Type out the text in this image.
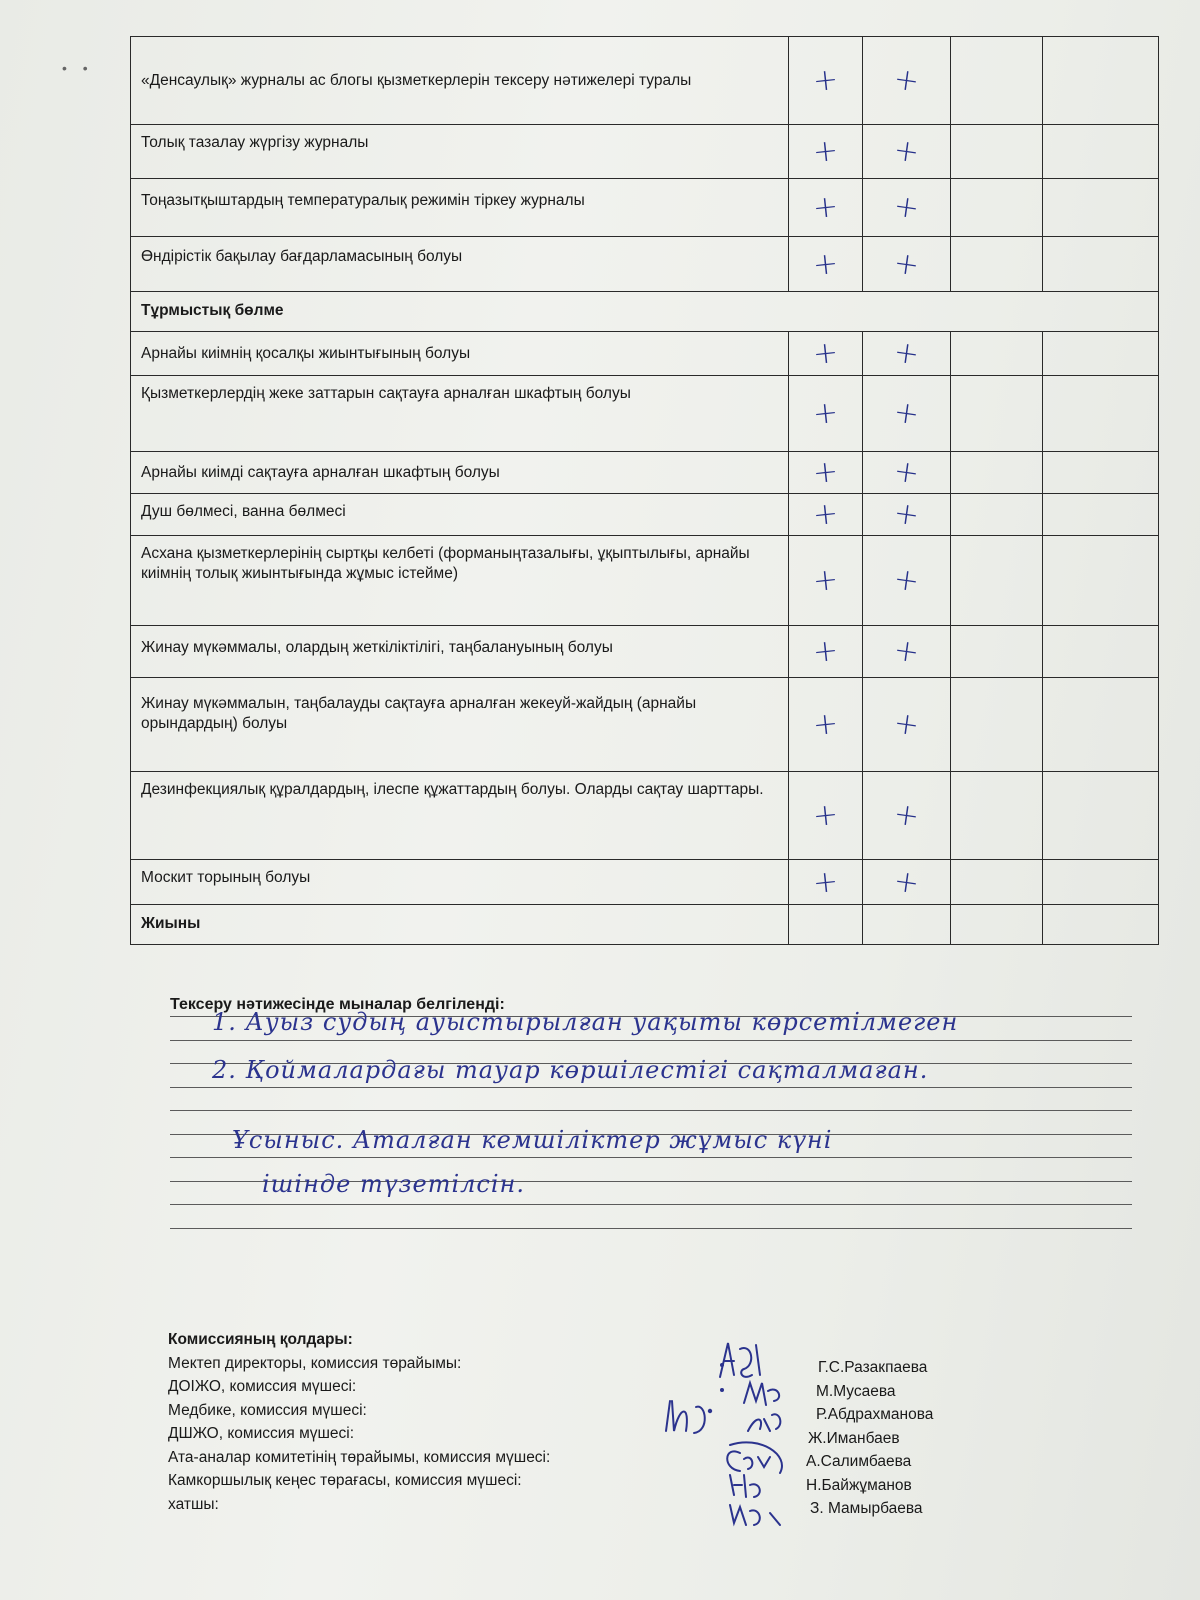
• •
«Денсаулық» журналы ас блогы қызметкерлерін тексеру нәтижелері туралы	+	+		
Толық тазалау жүргізу журналы	+	+		
Тоңазытқыштардың температуралық режимін тіркеу журналы	+	+		
Өндірістік бақылау бағдарламасының болуы	+	+		
Тұрмыстық бөлме				
Арнайы киімнің қосалқы жиынтығының болуы	+	+		
Қызметкерлердің жеке заттарын сақтауға арналған шкафтың болуы	+	+		
Арнайы киімді сақтауға арналған шкафтың болуы	+	+		
Душ бөлмесі, ванна бөлмесі	+	+		
Асхана қызметкерлерінің сыртқы келбеті (форманыңтазалығы, ұқыптылығы, арнайы киімнің толық жиынтығында жұмыс істейме)	+	+		
Жинау мүкәммалы, олардың жеткіліктілігі, таңбалануының болуы	+	+		
Жинау мүкәммалын, таңбалауды сақтауға арналған жекеуй-жайдың (арнайы орындардың) болуы	+	+		
Дезинфекциялық құралдардың, ілеспе құжаттардың болуы. Оларды сақтау шарттары.	+	+		
Москит торының болуы	+	+		
Жиыны				
Тексеру нәтижесінде мыналар белгіленді:
1. Ауыз судың ауыстырылған уақыты көрсетілмеген
2. Қоймалардағы тауар көршілестігі сақталмаған.
Ұсыныс. Аталған кемшіліктер жұмыс күні
ішінде түзетілсін.
Комиссияның қолдары:
Мектеп директоры, комиссия төрайымы:
ДОІЖО, комиссия мүшесі:
Медбике, комиссия мүшесі:
ДШЖО, комиссия мүшесі:
Ата-аналар комитетінің төрайымы, комиссия мүшесі:
Камкоршылық кеңес төрағасы, комиссия мүшесі:
хатшы:
Г.С.Разакпаева
М.Мусаева
Р.Абдрахманова
Ж.Иманбаев
А.Салимбаева
Н.Байжұманов
З. Мамырбаева
